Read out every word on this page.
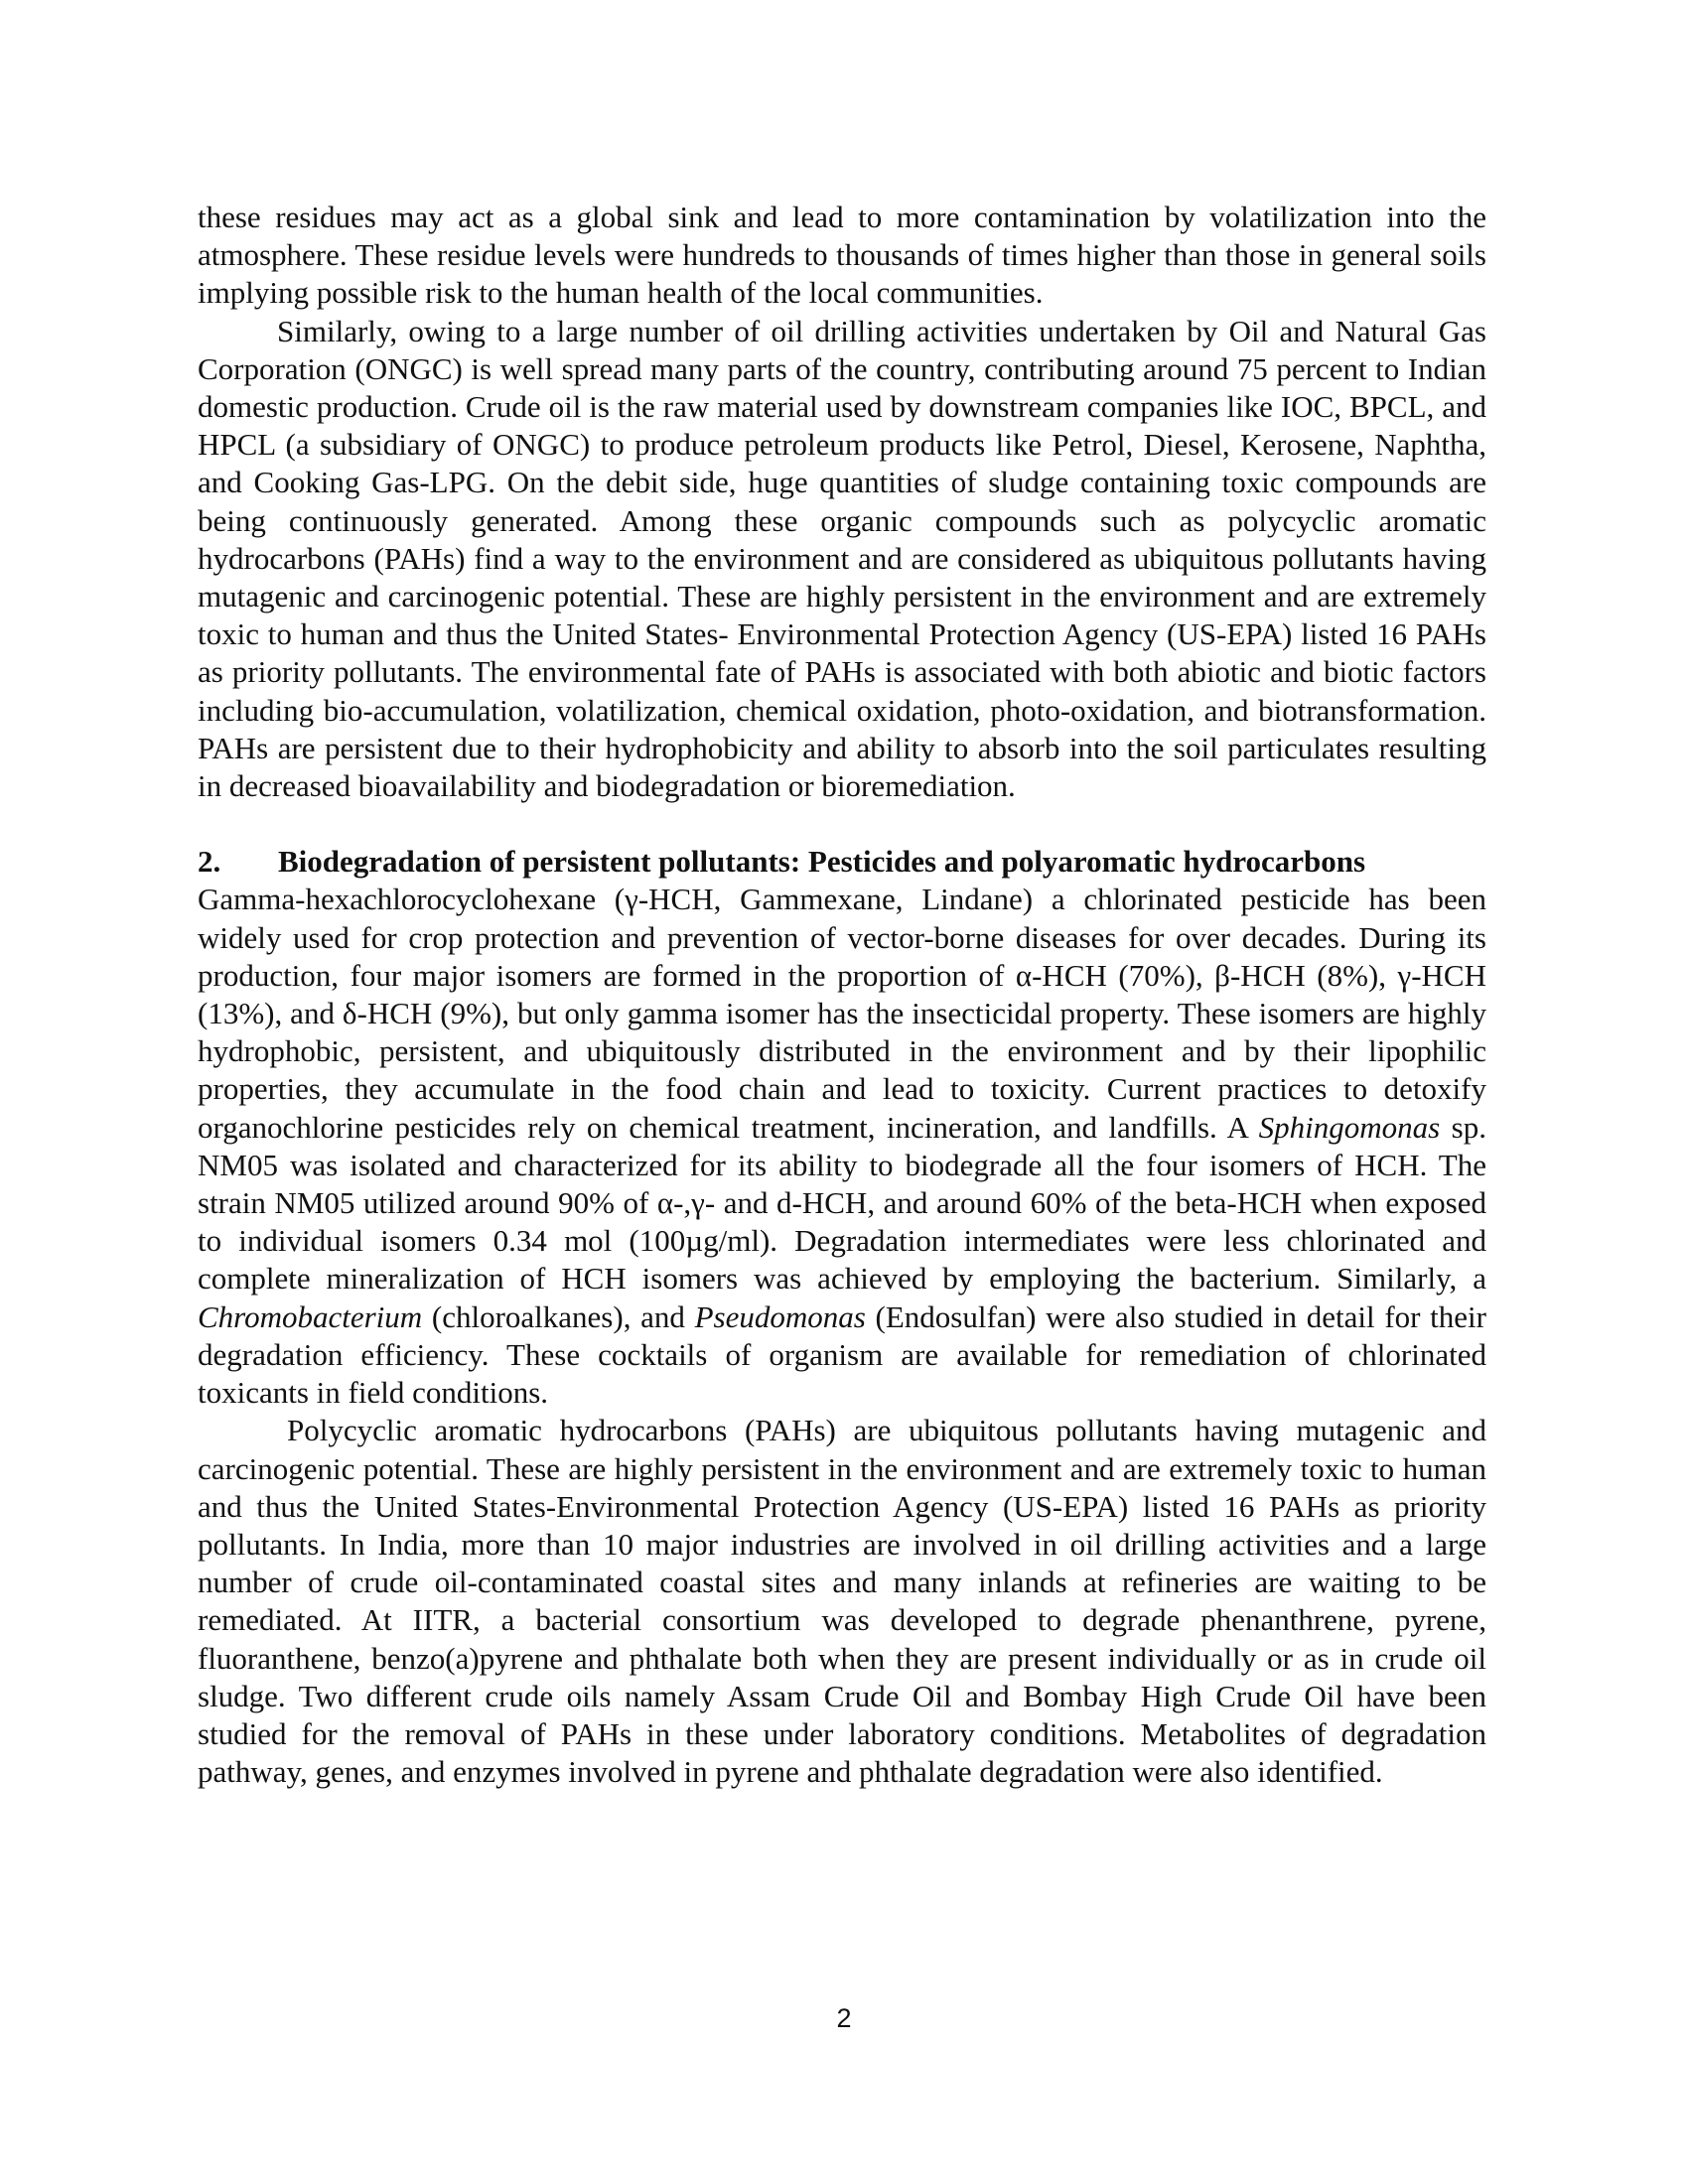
these residues may act as a global sink and lead to more contamination by volatilization into the atmosphere. These residue levels were hundreds to thousands of times higher than those in general soils implying possible risk to the human health of the local communities.

Similarly, owing to a large number of oil drilling activities undertaken by Oil and Natural Gas Corporation (ONGC) is well spread many parts of the country, contributing around 75 percent to Indian domestic production. Crude oil is the raw material used by downstream companies like IOC, BPCL, and HPCL (a subsidiary of ONGC) to produce petroleum products like Petrol, Diesel, Kerosene, Naphtha, and Cooking Gas-LPG. On the debit side, huge quantities of sludge containing toxic compounds are being continuously generated. Among these organic compounds such as polycyclic aromatic hydrocarbons (PAHs) find a way to the environment and are considered as ubiquitous pollutants having mutagenic and carcinogenic potential. These are highly persistent in the environment and are extremely toxic to human and thus the United States- Environmental Protection Agency (US-EPA) listed 16 PAHs as priority pollutants. The environmental fate of PAHs is associated with both abiotic and biotic factors including bio-accumulation, volatilization, chemical oxidation, photo-oxidation, and biotransformation. PAHs are persistent due to their hydrophobicity and ability to absorb into the soil particulates resulting in decreased bioavailability and biodegradation or bioremediation.

2.	Biodegradation of persistent pollutants: Pesticides and polyaromatic hydrocarbons

Gamma-hexachlorocyclohexane (γ-HCH, Gammexane, Lindane) a chlorinated pesticide has been widely used for crop protection and prevention of vector-borne diseases for over decades. During its production, four major isomers are formed in the proportion of α-HCH (70%), β-HCH (8%), γ-HCH (13%), and δ-HCH (9%), but only gamma isomer has the insecticidal property. These isomers are highly hydrophobic, persistent, and ubiquitously distributed in the environment and by their lipophilic properties, they accumulate in the food chain and lead to toxicity. Current practices to detoxify organochlorine pesticides rely on chemical treatment, incineration, and landfills. A Sphingomonas sp. NM05 was isolated and characterized for its ability to biodegrade all the four isomers of HCH. The strain NM05 utilized around 90% of α-,γ- and d-HCH, and around 60% of the beta-HCH when exposed to individual isomers 0.34 mol (100µg/ml). Degradation intermediates were less chlorinated and complete mineralization of HCH isomers was achieved by employing the bacterium. Similarly, a Chromobacterium (chloroalkanes), and Pseudomonas (Endosulfan) were also studied in detail for their degradation efficiency. These cocktails of organism are available for remediation of chlorinated toxicants in field conditions.

Polycyclic aromatic hydrocarbons (PAHs) are ubiquitous pollutants having mutagenic and carcinogenic potential. These are highly persistent in the environment and are extremely toxic to human and thus the United States-Environmental Protection Agency (US-EPA) listed 16 PAHs as priority pollutants. In India, more than 10 major industries are involved in oil drilling activities and a large number of crude oil-contaminated coastal sites and many inlands at refineries are waiting to be remediated. At IITR, a bacterial consortium was developed to degrade phenanthrene, pyrene, fluoranthene, benzo(a)pyrene and phthalate both when they are present individually or as in crude oil sludge. Two different crude oils namely Assam Crude Oil and Bombay High Crude Oil have been studied for the removal of PAHs in these under laboratory conditions. Metabolites of degradation pathway, genes, and enzymes involved in pyrene and phthalate degradation were also identified.

2
